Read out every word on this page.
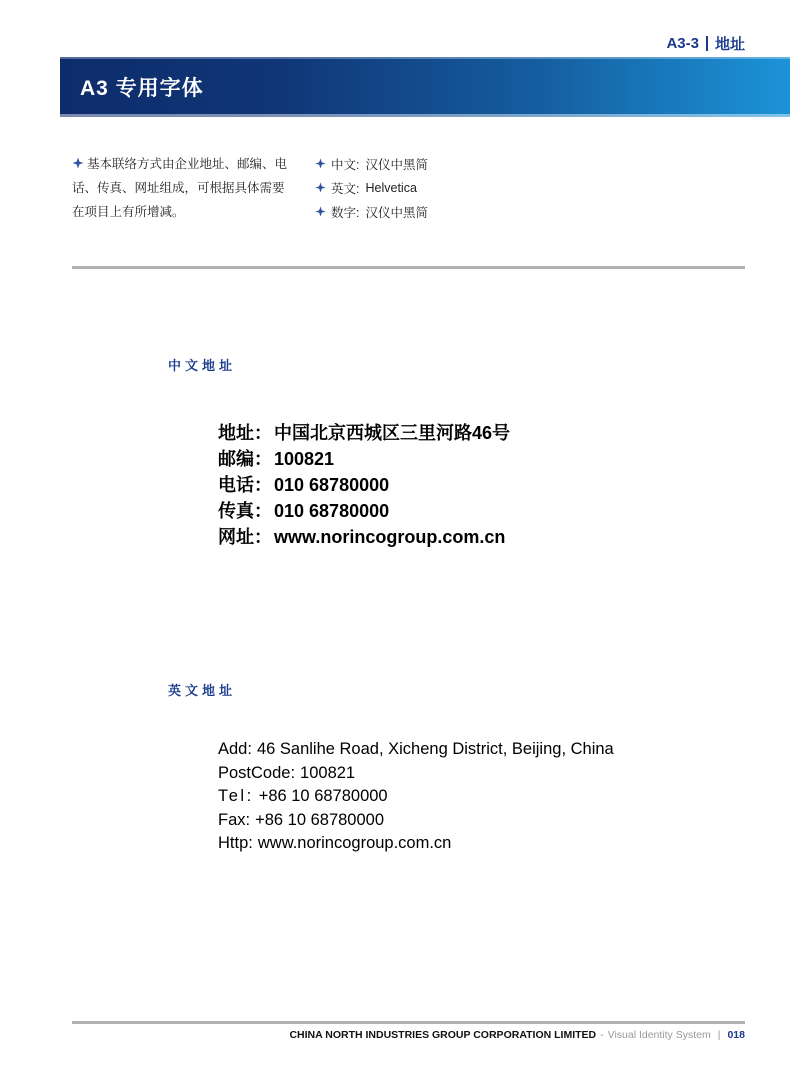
A3-3 地址
A3 专用字体
基本联络方式由企业地址、邮编、电话、传真、网址组成，可根据具体需要在项目上有所增减。
中文: 汉仪中黑简
英文: Helvetica
数字: 汉仪中黑简
中文地址
地址： 中国北京西城区三里河路46号
邮编： 100821
电话： 010 68780000
传真： 010 68780000
网址： www.norincogroup.com.cn
英文地址
Add: 46 Sanlihe Road, Xicheng District, Beijing, China
PostCode: 100821
Tel: +86 10 68780000
Fax: +86 10 68780000
Http: www.norincogroup.com.cn
CHINA NORTH INDUSTRIES GROUP CORPORATION LIMITED - Visual Identity System | 018
